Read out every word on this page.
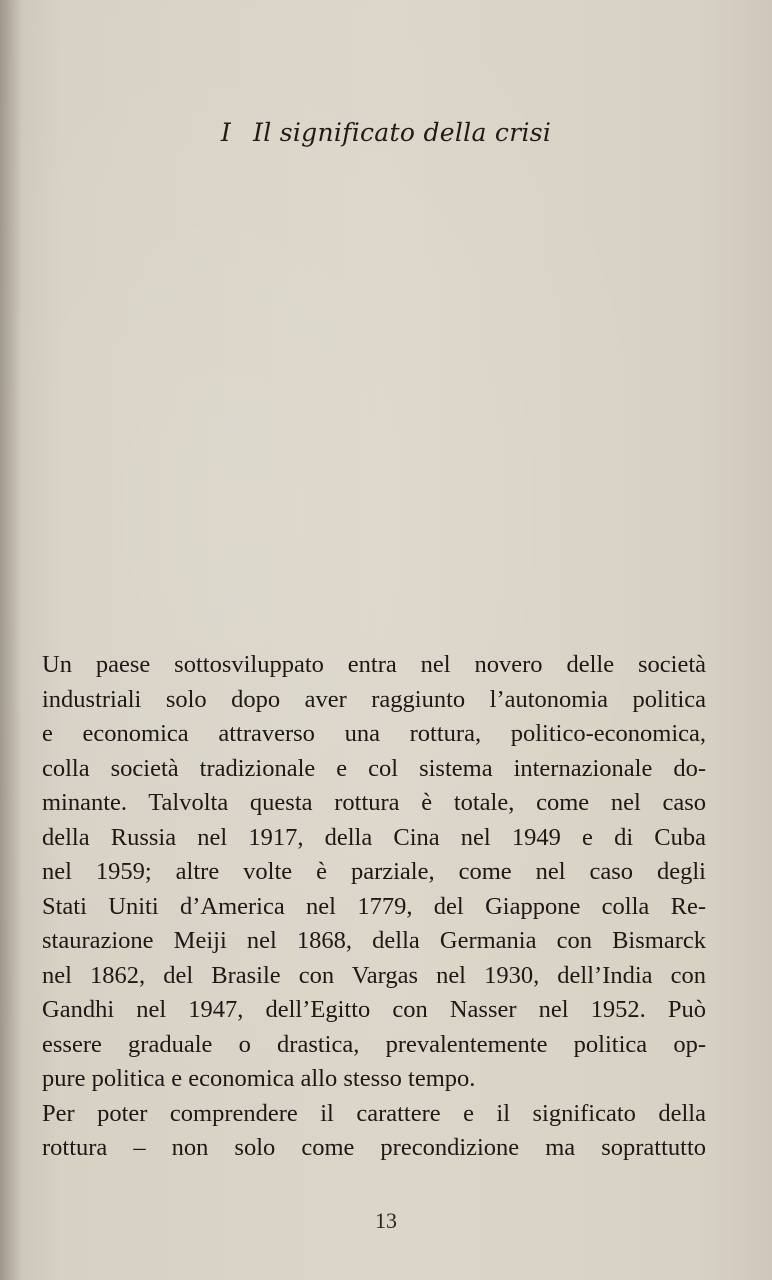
I Il significato della crisi
Un paese sottosviluppato entra nel novero delle società
industriali solo dopo aver raggiunto l’autonomia politica
e economica attraverso una rottura, politico-economica,
colla società tradizionale e col sistema internazionale do-
minante. Talvolta questa rottura è totale, come nel caso
della Russia nel 1917, della Cina nel 1949 e di Cuba
nel 1959; altre volte è parziale, come nel caso degli
Stati Uniti d’America nel 1779, del Giappone colla Re-
staurazione Meiji nel 1868, della Germania con Bismarck
nel 1862, del Brasile con Vargas nel 1930, dell’India con
Gandhi nel 1947, dell’Egitto con Nasser nel 1952. Può
essere graduale o drastica, prevalentemente politica op-
pure politica e economica allo stesso tempo.
Per poter comprendere il carattere e il significato della
rottura – non solo come precondizione ma soprattutto
13
